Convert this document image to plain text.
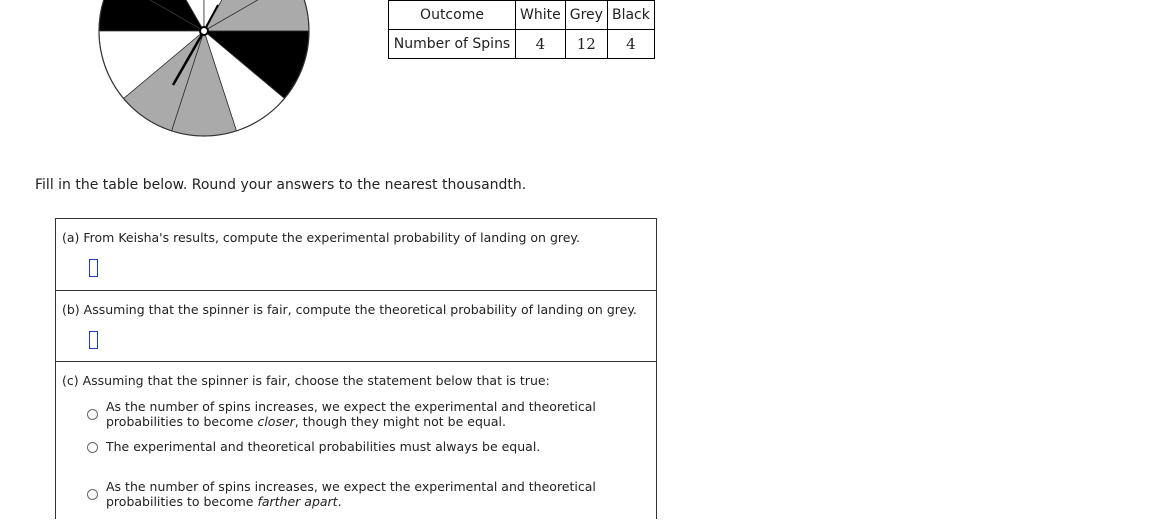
Outcome	White	Grey	Black
Number of Spins	4	12	4
Fill in the table below. Round your answers to the nearest thousandth.
(a) From Keisha's results, compute the experimental probability of landing on grey.
(b) Assuming that the spinner is fair, compute the theoretical probability of landing on grey.
(c) Assuming that the spinner is fair, choose the statement below that is true:
As the number of spins increases, we expect the experimental and theoretical
probabilities to become closer, though they might not be equal.
The experimental and theoretical probabilities must always be equal.
As the number of spins increases, we expect the experimental and theoretical
probabilities to become farther apart.
